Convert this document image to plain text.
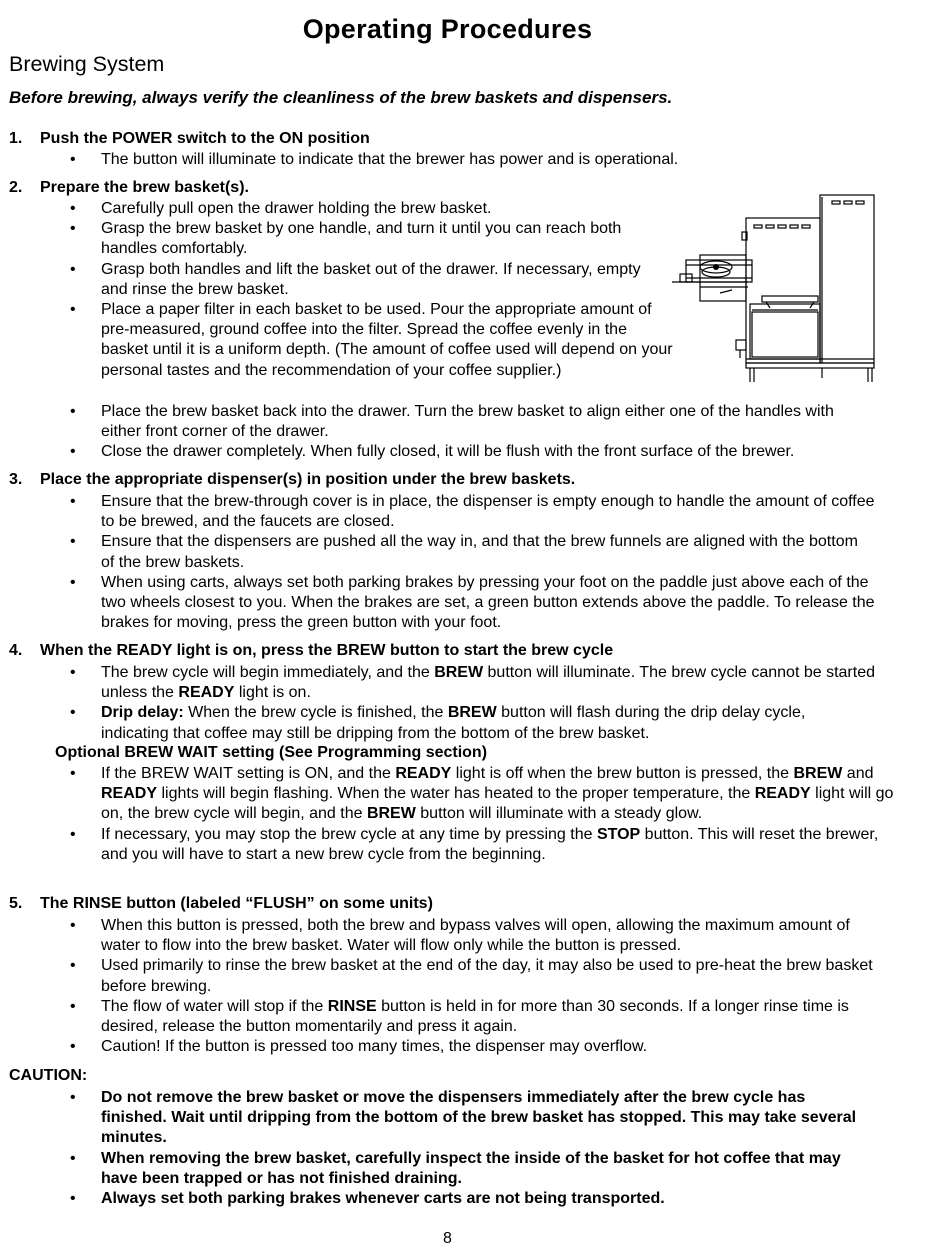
Operating Procedures
Brewing System
Before brewing, always verify the cleanliness of the brew baskets and dispensers.
1. Push the POWER switch to the ON position
• The button will illuminate to indicate that the brewer has power and is operational.
2. Prepare the brew basket(s).
• Carefully pull open the drawer holding the brew basket.
• Grasp the brew basket by one handle, and turn it until you can reach both handles comfortably.
• Grasp both handles and lift the basket out of the drawer. If necessary, empty and rinse the brew basket.
• Place a paper filter in each basket to be used. Pour the appropriate amount of pre-measured, ground coffee into the filter. Spread the coffee evenly in the basket until it is a uniform depth. (The amount of coffee used will depend on your personal tastes and the recommendation of your coffee supplier.)
• Place the brew basket back into the drawer. Turn the brew basket to align either one of the handles with either front corner of the drawer.
• Close the drawer completely. When fully closed, it will be flush with the front surface of the brewer.
3. Place the appropriate dispenser(s) in position under the brew baskets.
• Ensure that the brew-through cover is in place, the dispenser is empty enough to handle the amount of coffee to be brewed, and the faucets are closed.
• Ensure that the dispensers are pushed all the way in, and that the brew funnels are aligned with the bottom of the brew baskets.
• When using carts, always set both parking brakes by pressing your foot on the paddle just above each of the two wheels closest to you. When the brakes are set, a green button extends above the paddle. To release the brakes for moving, press the green button with your foot.
4. When the READY light is on, press the BREW button to start the brew cycle
• The brew cycle will begin immediately, and the BREW button will illuminate. The brew cycle cannot be started unless the READY light is on.
• Drip delay: When the brew cycle is finished, the BREW button will flash during the drip delay cycle, indicating that coffee may still be dripping from the bottom of the brew basket.
Optional BREW WAIT setting (See Programming section)
• If the BREW WAIT setting is ON, and the READY light is off when the brew button is pressed, the BREW and READY lights will begin flashing. When the water has heated to the proper temperature, the READY light will go on, the brew cycle will begin, and the BREW button will illuminate with a steady glow.
• If necessary, you may stop the brew cycle at any time by pressing the STOP button. This will reset the brewer, and you will have to start a new brew cycle from the beginning.
5. The RINSE button (labeled “FLUSH” on some units)
• When this button is pressed, both the brew and bypass valves will open, allowing the maximum amount of water to flow into the brew basket. Water will flow only while the button is pressed.
• Used primarily to rinse the brew basket at the end of the day, it may also be used to pre-heat the brew basket before brewing.
• The flow of water will stop if the RINSE button is held in for more than 30 seconds. If a longer rinse time is desired, release the button momentarily and press it again.
• Caution! If the button is pressed too many times, the dispenser may overflow.
CAUTION:
• Do not remove the brew basket or move the dispensers immediately after the brew cycle has finished. Wait until dripping from the bottom of the brew basket has stopped. This may take several minutes.
• When removing the brew basket, carefully inspect the inside of the basket for hot coffee that may have been trapped or has not finished draining.
• Always set both parking brakes whenever carts are not being transported.
8
